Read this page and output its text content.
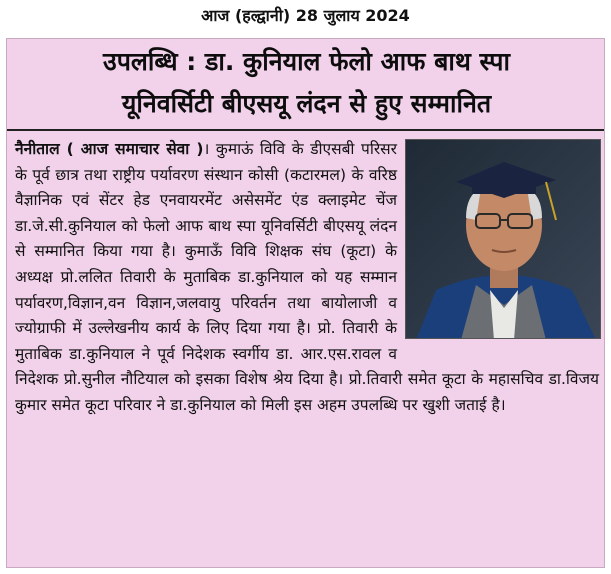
आज (हल्द्वानी) 28 जुलाय 2024
उपलब्धि : डा. कुनियाल फेलो आफ बाथ स्पा
यूनिवर्सिटी बीएसयू लंदन से हुए सम्मानित
नैनीताल ( आज समाचार सेवा )। कुमाऊं विवि के डीएसबी परिसर के पूर्व छात्र तथा राष्ट्रीय पर्यावरण संस्थान कोसी (कटारमल) के वरिष्ठ वैज्ञानिक एवं सेंटर हेड एनवायरमेंट असेसमेंट एंड क्लाइमेट चेंज डा.जे.सी.कुनियाल को फेलो आफ बाथ स्पा यूनिवर्सिटी बीएसयू लंदन से सम्मानित किया गया है। कुमाऊँ विवि शिक्षक संघ (कूटा) के अध्यक्ष प्रो.ललित तिवारी के मुताबिक डा.कुनियाल को यह सम्मान पर्यावरण,विज्ञान,वन विज्ञान,जलवायु परिवर्तन तथा बायोलाजी व ज्योग्राफी में उल्लेखनीय कार्य के लिए दिया गया है। प्रो. तिवारी के मुताबिक डा.कुनियाल ने पूर्व निदेशक स्वर्गीय डा. आर.एस.रावल व निदेशक प्रो.सुनील नौटियाल को इसका विशेष श्रेय दिया है। प्रो.तिवारी समेत कूटा के महासचिव डा.विजय कुमार समेत कूटा परिवार ने डा.कुनियाल को मिली इस अहम उपलब्धि पर खुशी जताई है।
